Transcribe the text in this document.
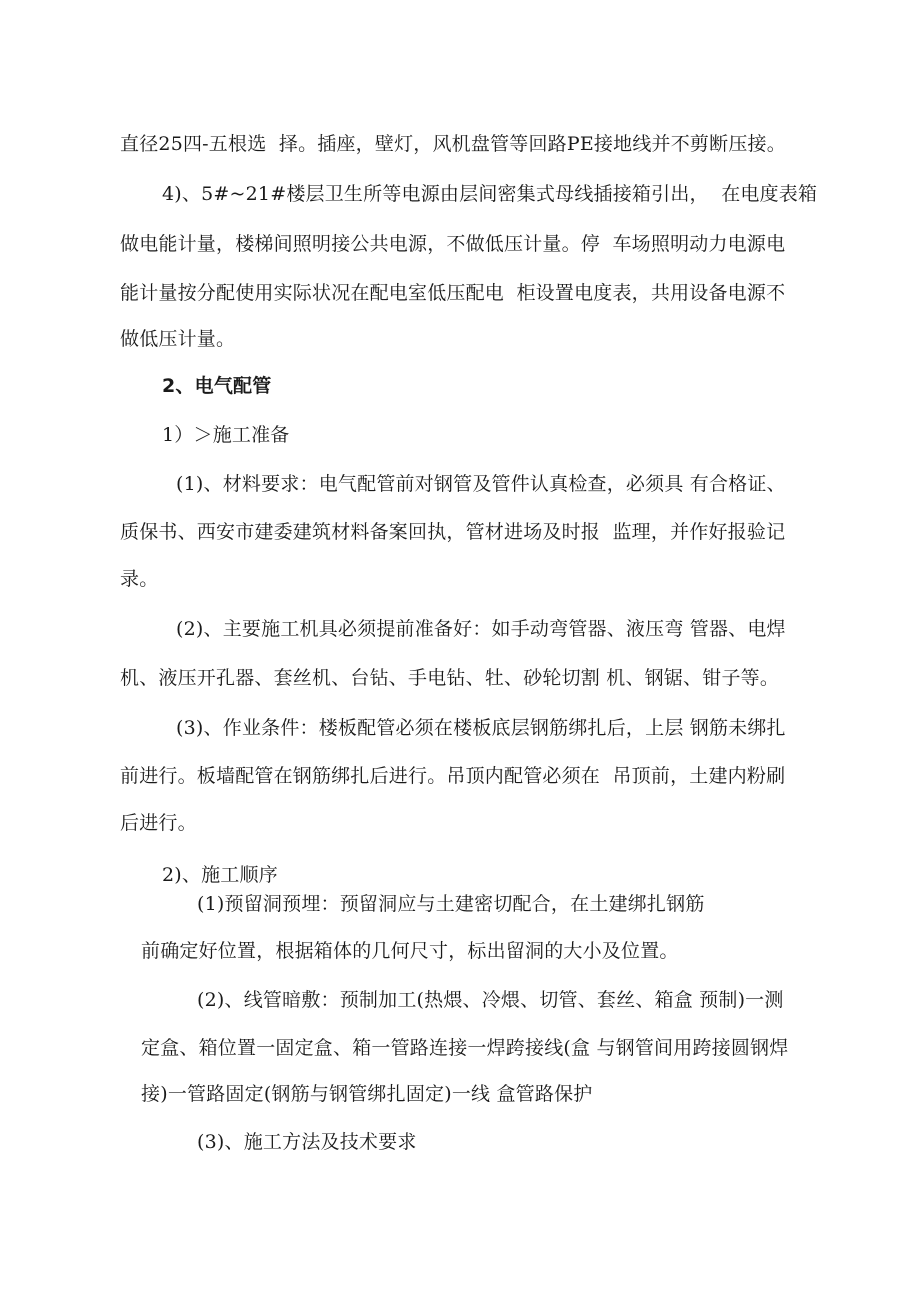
直径25四-五根选  择。插座，壁灯，风机盘管等回路PE接地线并不剪断压接。
4)、5#~21#楼层卫生所等电源由层间密集式母线插接箱引出，  在电度表箱
做电能计量，楼梯间照明接公共电源，不做低压计量。停  车场照明动力电源电
能计量按分配使用实际状况在配电室低压配电  柜设置电度表，共用设备电源不
做低压计量。
2、电气配管
1）＞施工准备
(1)、材料要求：电气配管前对钢管及管件认真检查，必须具 有合格证、
质保书、西安市建委建筑材料备案回执，管材进场及时报  监理，并作好报验记
录。
(2)、主要施工机具必须提前准备好：如手动弯管器、液压弯 管器、电焊
机、液压开孔器、套丝机、台钻、手电钻、牡、砂轮切割 机、钢锯、钳子等。
(3)、作业条件：楼板配管必须在楼板底层钢筋绑扎后，上层 钢筋未绑扎
前进行。板墙配管在钢筋绑扎后进行。吊顶内配管必须在  吊顶前，土建内粉刷
后进行。
2)、施工顺序
(1)预留洞预埋：预留洞应与土建密切配合，在土建绑扎钢筋
前确定好位置，根据箱体的几何尺寸，标出留洞的大小及位置。
(2)、线管暗敷：预制加工(热煨、冷煨、切管、套丝、箱盒 预制)一测
定盒、箱位置一固定盒、箱一管路连接一焊跨接线(盒 与钢管间用跨接圆钢焊
接)一管路固定(钢筋与钢管绑扎固定)一线 盒管路保护
(3)、施工方法及技术要求
